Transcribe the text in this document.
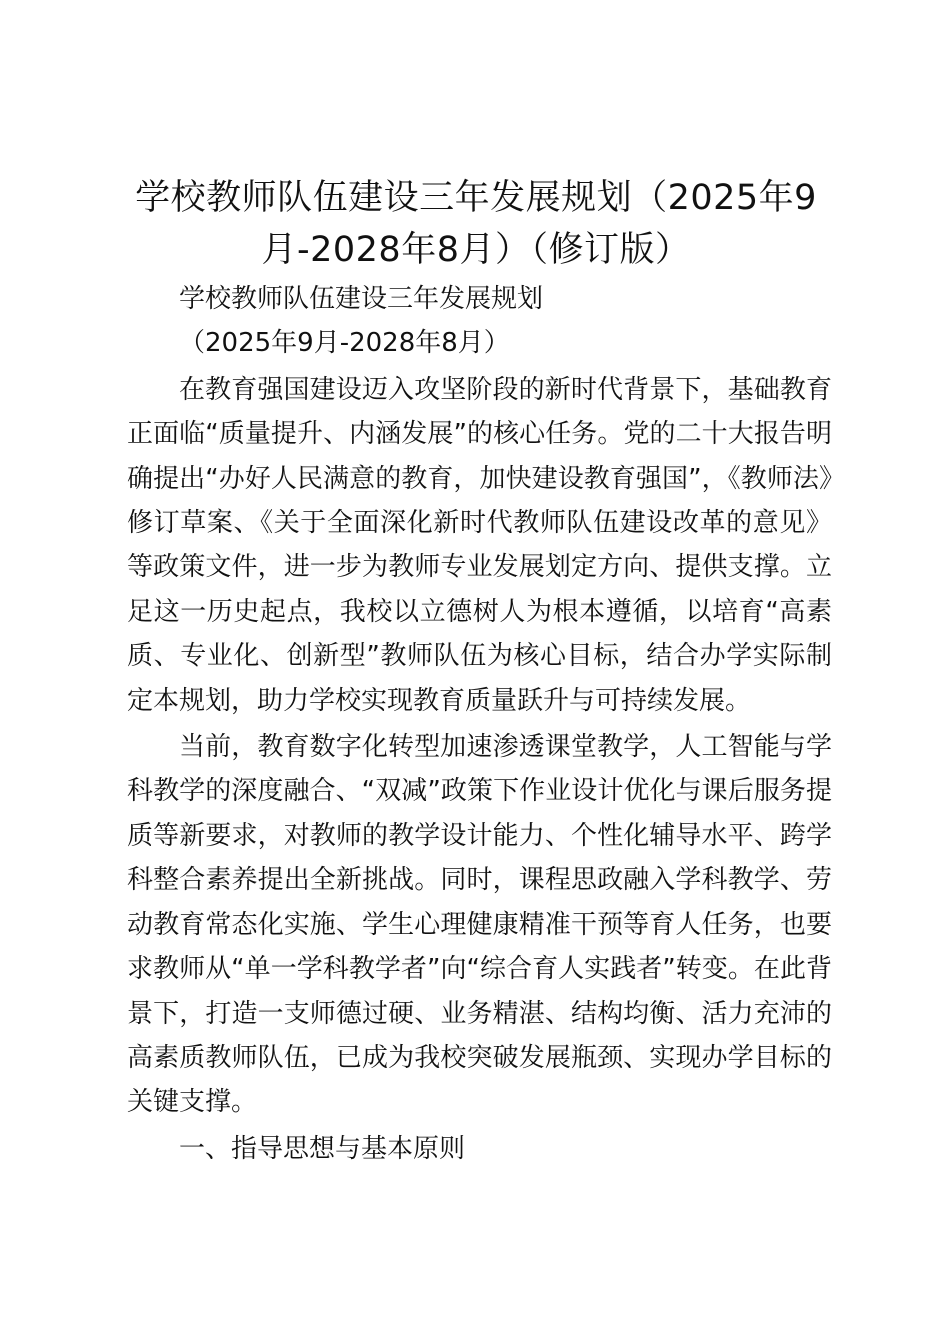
学校教师队伍建设三年发展规划（2025年9月-2028年8月）（修订版）

学校教师队伍建设三年发展规划

（2025年9月-2028年8月）

在教育强国建设迈入攻坚阶段的新时代背景下，基础教育正面临“质量提升、内涵发展”的核心任务。党的二十大报告明确提出“办好人民满意的教育，加快建设教育强国”，《教师法》修订草案、《关于全面深化新时代教师队伍建设改革的意见》等政策文件，进一步为教师专业发展划定方向、提供支撑。立足这一历史起点，我校以立德树人为根本遵循，以培育“高素质、专业化、创新型”教师队伍为核心目标，结合办学实际制定本规划，助力学校实现教育质量跃升与可持续发展。

当前，教育数字化转型加速渗透课堂教学，人工智能与学科教学的深度融合、“双减”政策下作业设计优化与课后服务提质等新要求，对教师的教学设计能力、个性化辅导水平、跨学科整合素养提出全新挑战。同时，课程思政融入学科教学、劳动教育常态化实施、学生心理健康精准干预等育人任务，也要求教师从“单一学科教学者”向“综合育人实践者”转变。在此背景下，打造一支师德过硬、业务精湛、结构均衡、活力充沛的高素质教师队伍，已成为我校突破发展瓶颈、实现办学目标的关键支撑。

一、指导思想与基本原则
